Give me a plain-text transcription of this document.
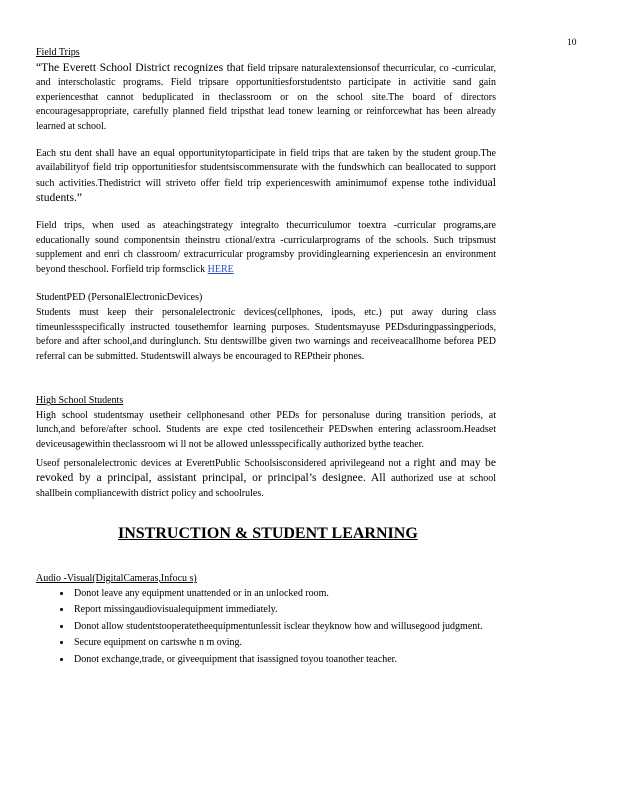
10
Field Trips

“The Everett School District recognizes that field tripsare naturalextensionsof thecurricular, co -curricular, and interscholastic programs. Field tripsare opportunitiesforstudentsto participate in activitie sand gain experiencesthat cannot beduplicated in theclassroom or on the school site.The board of directors encouragesappropriate, carefully planned field tripsthat lead tonew learning or reinforcewhat has been already learned at school.

Each stu dent shall have an equal opportunitytoparticipate in field trips that are taken by the student group.The availabilityof field trip opportunitiesfor studentsiscommensurate with the fundswhich can beallocated to support such activities.Thedistrict will striveto offer field trip experienceswith aminimumof expense tothe individual students.”

Field trips, when used as ateachingstrategy integralto thecurriculumor toextra -curricular programs,are educationally sound componentsin theinstru ctional/extra -curricularprograms of the schools. Such tripsmust supplement and enri ch classroom/ extracurricular programsby providinglearning experiencesin an environment beyond theschool. Forfield trip formsclick HERE

StudentPED (PersonalElectronicDevices)

Students must keep their personalelectronic devices(cellphones, ipods, etc.) put away during class timeunlessspecifically instructed tousethemfor learning purposes. Studentsmayuse PEDsduringpassingperiods, before and after school,and duringlunch. Stu dentswillbe given two warnings and receiveacallhome beforea PED referral can be submitted. Studentswill always be encouraged to REPtheir phones.

High School Students

High school studentsmay usetheir cellphonesand other PEDs for personaluse during transition periods, at lunch,and before/after school. Students are expe cted tosilencetheir PEDswhen entering aclassroom.Headset deviceusagewithin theclassroom wi ll not be allowed unlessspecifically authorized bythe teacher.

Useof personalelectronic devices at EverettPublic Schoolsisconsidered aprivilegeand not a right and may be revoked by a principal, assistant principal, or principal’s designee. All authorized use at school shallbein compliancewith district policy and schoolrules.

INSTRUCTION & STUDENT LEARNING
Audio -Visual(DigitalCameras,Infocu s)
• Donot leave any equipment unattended or in an unlocked room.
• Report missingaudiovisualequipment immediately.
• Donot allow studentstooperatetheequipmentunlessit isclear theyknow how and willusegood judgment.
• Secure equipment on cartswhe n m oving.
• Donot exchange,trade, or giveequipment that isassigned toyou toanother teacher.
